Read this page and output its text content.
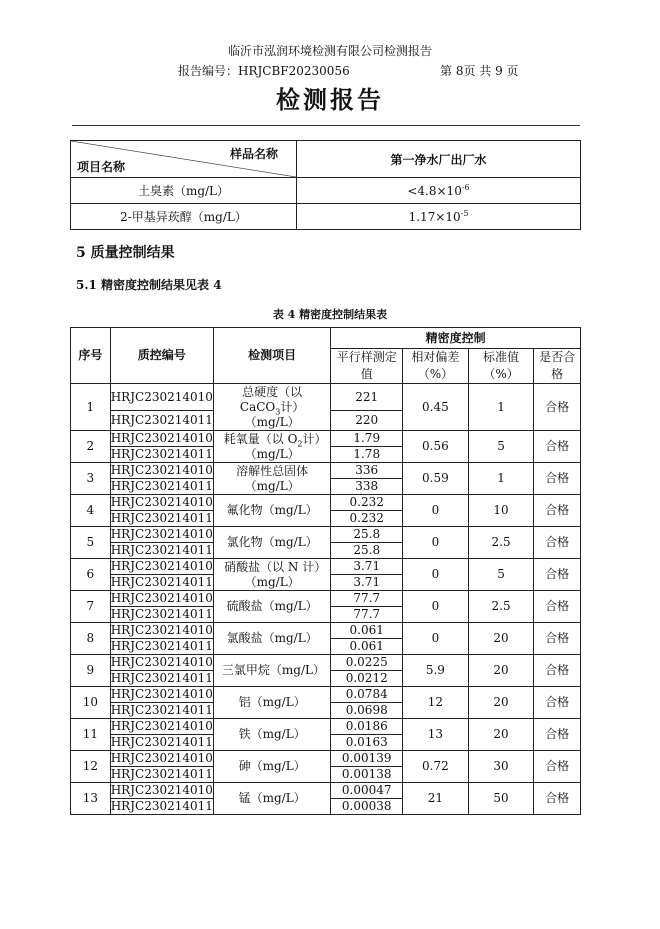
临沂市泓润环境检测有限公司检测报告
报告编号：HRJCBF20230056	第 8页 共 9 页
检测报告
样品名称
项目名称	第一净水厂出厂水
土臭素（mg/L）	$<4.8\times 10^{-6}$
2-甲基异莰醇（mg/L）	$1.17\times 10^{-5}$
5 质量控制结果
5.1 精密度控制结果见表 4
表 4 精密度控制结果表
序号	质控编号	检测项目	精密度控制			
			平行样测定值	相对偏差（%）	标准值（%）	是否合格
1	HRJC230214010	总硬度（以 CaCO$_3$计）（mg/L）	221	0.45	1	合格
	HRJC230214011		220			
2	HRJC230214010	耗氧量（以 $O_2$计）（mg/L）	1.79	0.56	5	合格
	HRJC230214011		1.78			
3	HRJC230214010	溶解性总固体（mg/L）	336	0.59	1	合格
	HRJC230214011		338			
4	HRJC230214010	氟化物（mg/L）	0.232	0	10	合格
	HRJC230214011		0.232			
5	HRJC230214010	氯化物（mg/L）	25.8	0	2.5	合格
	HRJC230214011		25.8			
6	HRJC230214010	硝酸盐（以 N 计）（mg/L）	3.71	0	5	合格
	HRJC230214011		3.71			
7	HRJC230214010	硫酸盐（mg/L）	77.7	0	2.5	合格
	HRJC230214011		77.7			
8	HRJC230214010	氯酸盐（mg/L）	0.061	0	20	合格
	HRJC230214011		0.061			
9	HRJC230214010	三氯甲烷（mg/L）	0.0225	5.9	20	合格
	HRJC230214011		0.0212			
10	HRJC230214010	铝（mg/L）	0.0784	12	20	合格
	HRJC230214011		0.0698			
11	HRJC230214010	铁（mg/L）	0.0186	13	20	合格
	HRJC230214011		0.0163			
12	HRJC230214010	砷（mg/L）	0.00139	0.72	30	合格
	HRJC230214011		0.00138			
13	HRJC230214010	锰（mg/L）	0.00047	21	50	合格
	HRJC230214011		0.00038			
